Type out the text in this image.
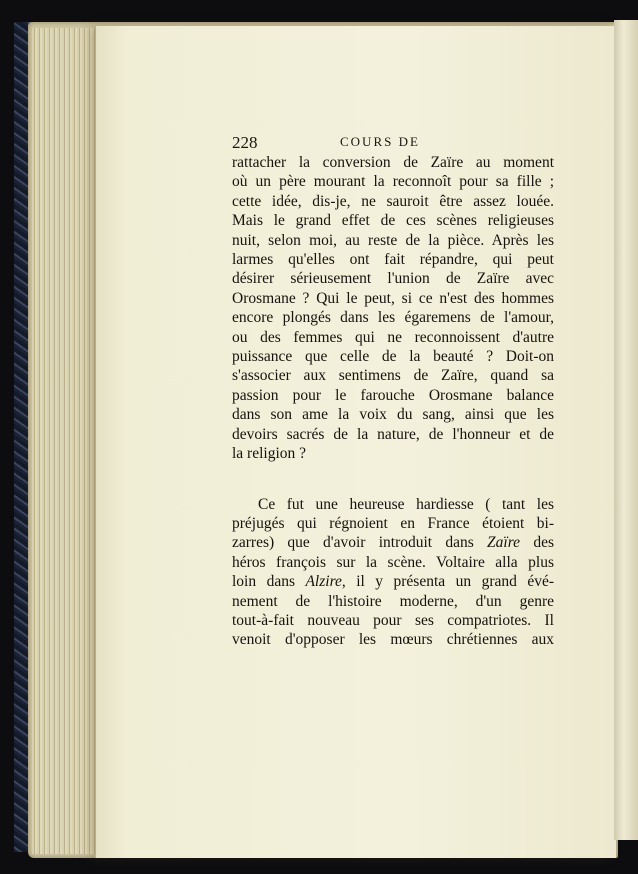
228	COURS DE
rattacher la conversion de Zaïre au moment
où un père mourant la reconnoît pour sa fille ;
cette idée, dis-je, ne sauroit être assez louée.
Mais le grand effet de ces scènes religieuses
nuit, selon moi, au reste de la pièce. Après les
larmes qu'elles ont fait répandre, qui peut
désirer sérieusement l'union de Zaïre avec
Orosmane ? Qui le peut, si ce n'est des hommes
encore plongés dans les égaremens de l'amour,
ou des femmes qui ne reconnoissent d'autre
puissance que celle de la beauté ? Doit-on
s'associer aux sentimens de Zaïre, quand sa
passion pour le farouche Orosmane balance
dans son ame la voix du sang, ainsi que les
devoirs sacrés de la nature, de l'honneur et de
la religion ?
Ce fut une heureuse hardiesse ( tant les
préjugés qui régnoient en France étoient bi-
zarres) que d'avoir introduit dans Zaïre des
héros françois sur la scène. Voltaire alla plus
loin dans Alzire, il y présenta un grand évé-
nement de l'histoire moderne, d'un genre
tout-à-fait nouveau pour ses compatriotes. Il
venoit d'opposer les mœurs chrétiennes aux
